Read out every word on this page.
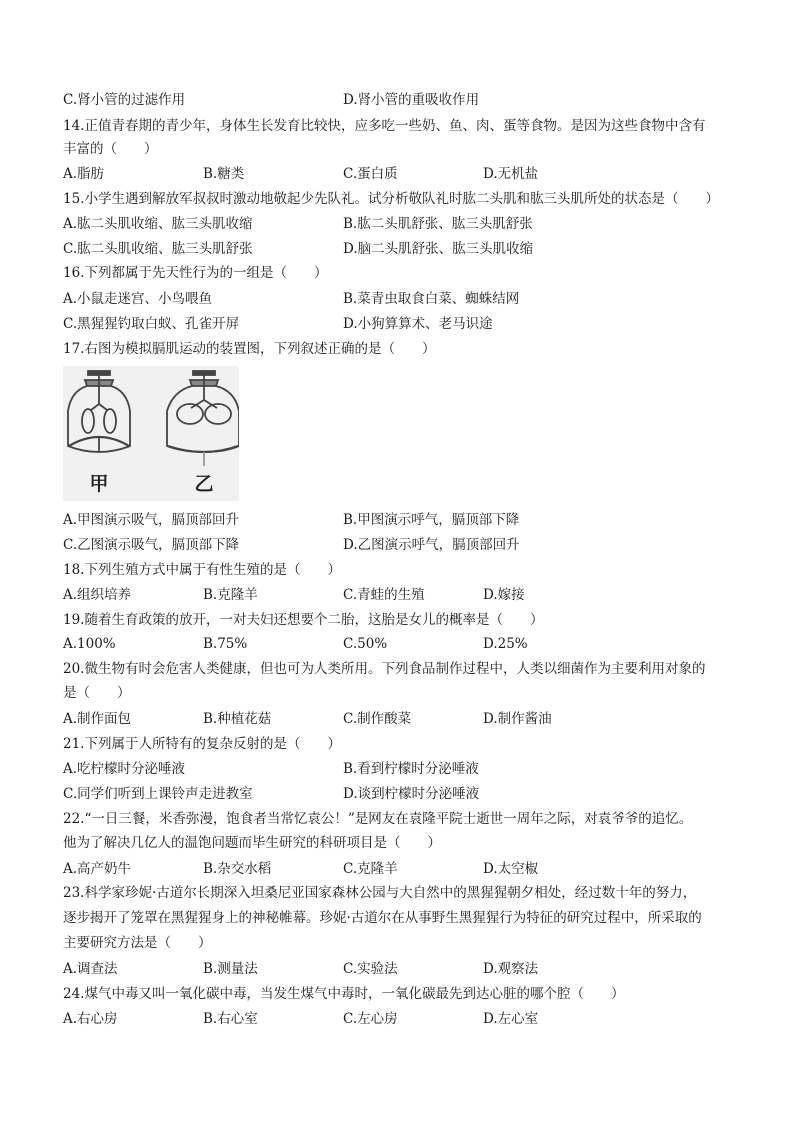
C.肾小管的过滤作用	D.肾小管的重吸收作用
14.正值青春期的青少年，身体生长发育比较快，应多吃一些奶、鱼、肉、蛋等食物。是因为这些食物中含有
丰富的（　　）
A.脂肪	B.糖类	C.蛋白质	D.无机盐
15.小学生遇到解放军叔叔时激动地敬起少先队礼。试分析敬队礼时肱二头肌和肱三头肌所处的状态是（　　）
A.肱二头肌收缩、肱三头肌收缩	B.肱二头肌舒张、肱三头肌舒张
C.肱二头肌收缩、肱三头肌舒张	D.脑二头肌舒张、肱三头肌收缩
16.下列都属于先天性行为的一组是（　　）
A.小鼠走迷宫、小鸟喂鱼	B.菜青虫取食白菜、蜘蛛结网
C.黑猩猩钓取白蚁、孔雀开屏	D.小狗算算术、老马识途
17.右图为模拟膈肌运动的装置图，下列叙述正确的是（　　）
甲	乙
A.甲图演示吸气，膈顶部回升	B.甲图演示呼气，膈顶部下降
C.乙图演示吸气，膈顶部下降	D.乙图演示呼气，膈顶部回升
18.下列生殖方式中属于有性生殖的是（　　）
A.组织培养	B.克隆羊	C.青蛙的生殖	D.嫁接
19.随着生育政策的放开，一对夫妇还想要个二胎，这胎是女儿的概率是（　　）
A.100%	B.75%	C.50%	D.25%
20.微生物有时会危害人类健康，但也可为人类所用。下列食品制作过程中，人类以细菌作为主要利用对象的
是（　　）
A.制作面包	B.种植花菇	C.制作酸菜	D.制作酱油
21.下列属于人所特有的复杂反射的是（　　）
A.吃柠檬时分泌唾液	B.看到柠檬时分泌唾液
C.同学们听到上课铃声走进教室	D.谈到柠檬时分泌唾液
22.“一日三餐，米香弥漫，饱食者当常忆袁公！”是网友在袁隆平院士逝世一周年之际，对袁爷爷的追忆。
他为了解决几亿人的温饱问题而毕生研究的科研项目是（　　）
A.高产奶牛	B.杂交水稻	C.克隆羊	D.太空椒
23.科学家珍妮·古道尔长期深入坦桑尼亚国家森林公园与大自然中的黑猩猩朝夕相处，经过数十年的努力，
逐步揭开了笼罩在黑猩猩身上的神秘帷幕。珍妮·古道尔在从事野生黑猩猩行为特征的研究过程中，所采取的
主要研究方法是（　　）
A.调查法	B.测量法	C.实验法	D.观察法
24.煤气中毒又叫一氧化碳中毒，当发生煤气中毒时，一氧化碳最先到达心脏的哪个腔（　　）
A.右心房	B.右心室	C.左心房	D.左心室
